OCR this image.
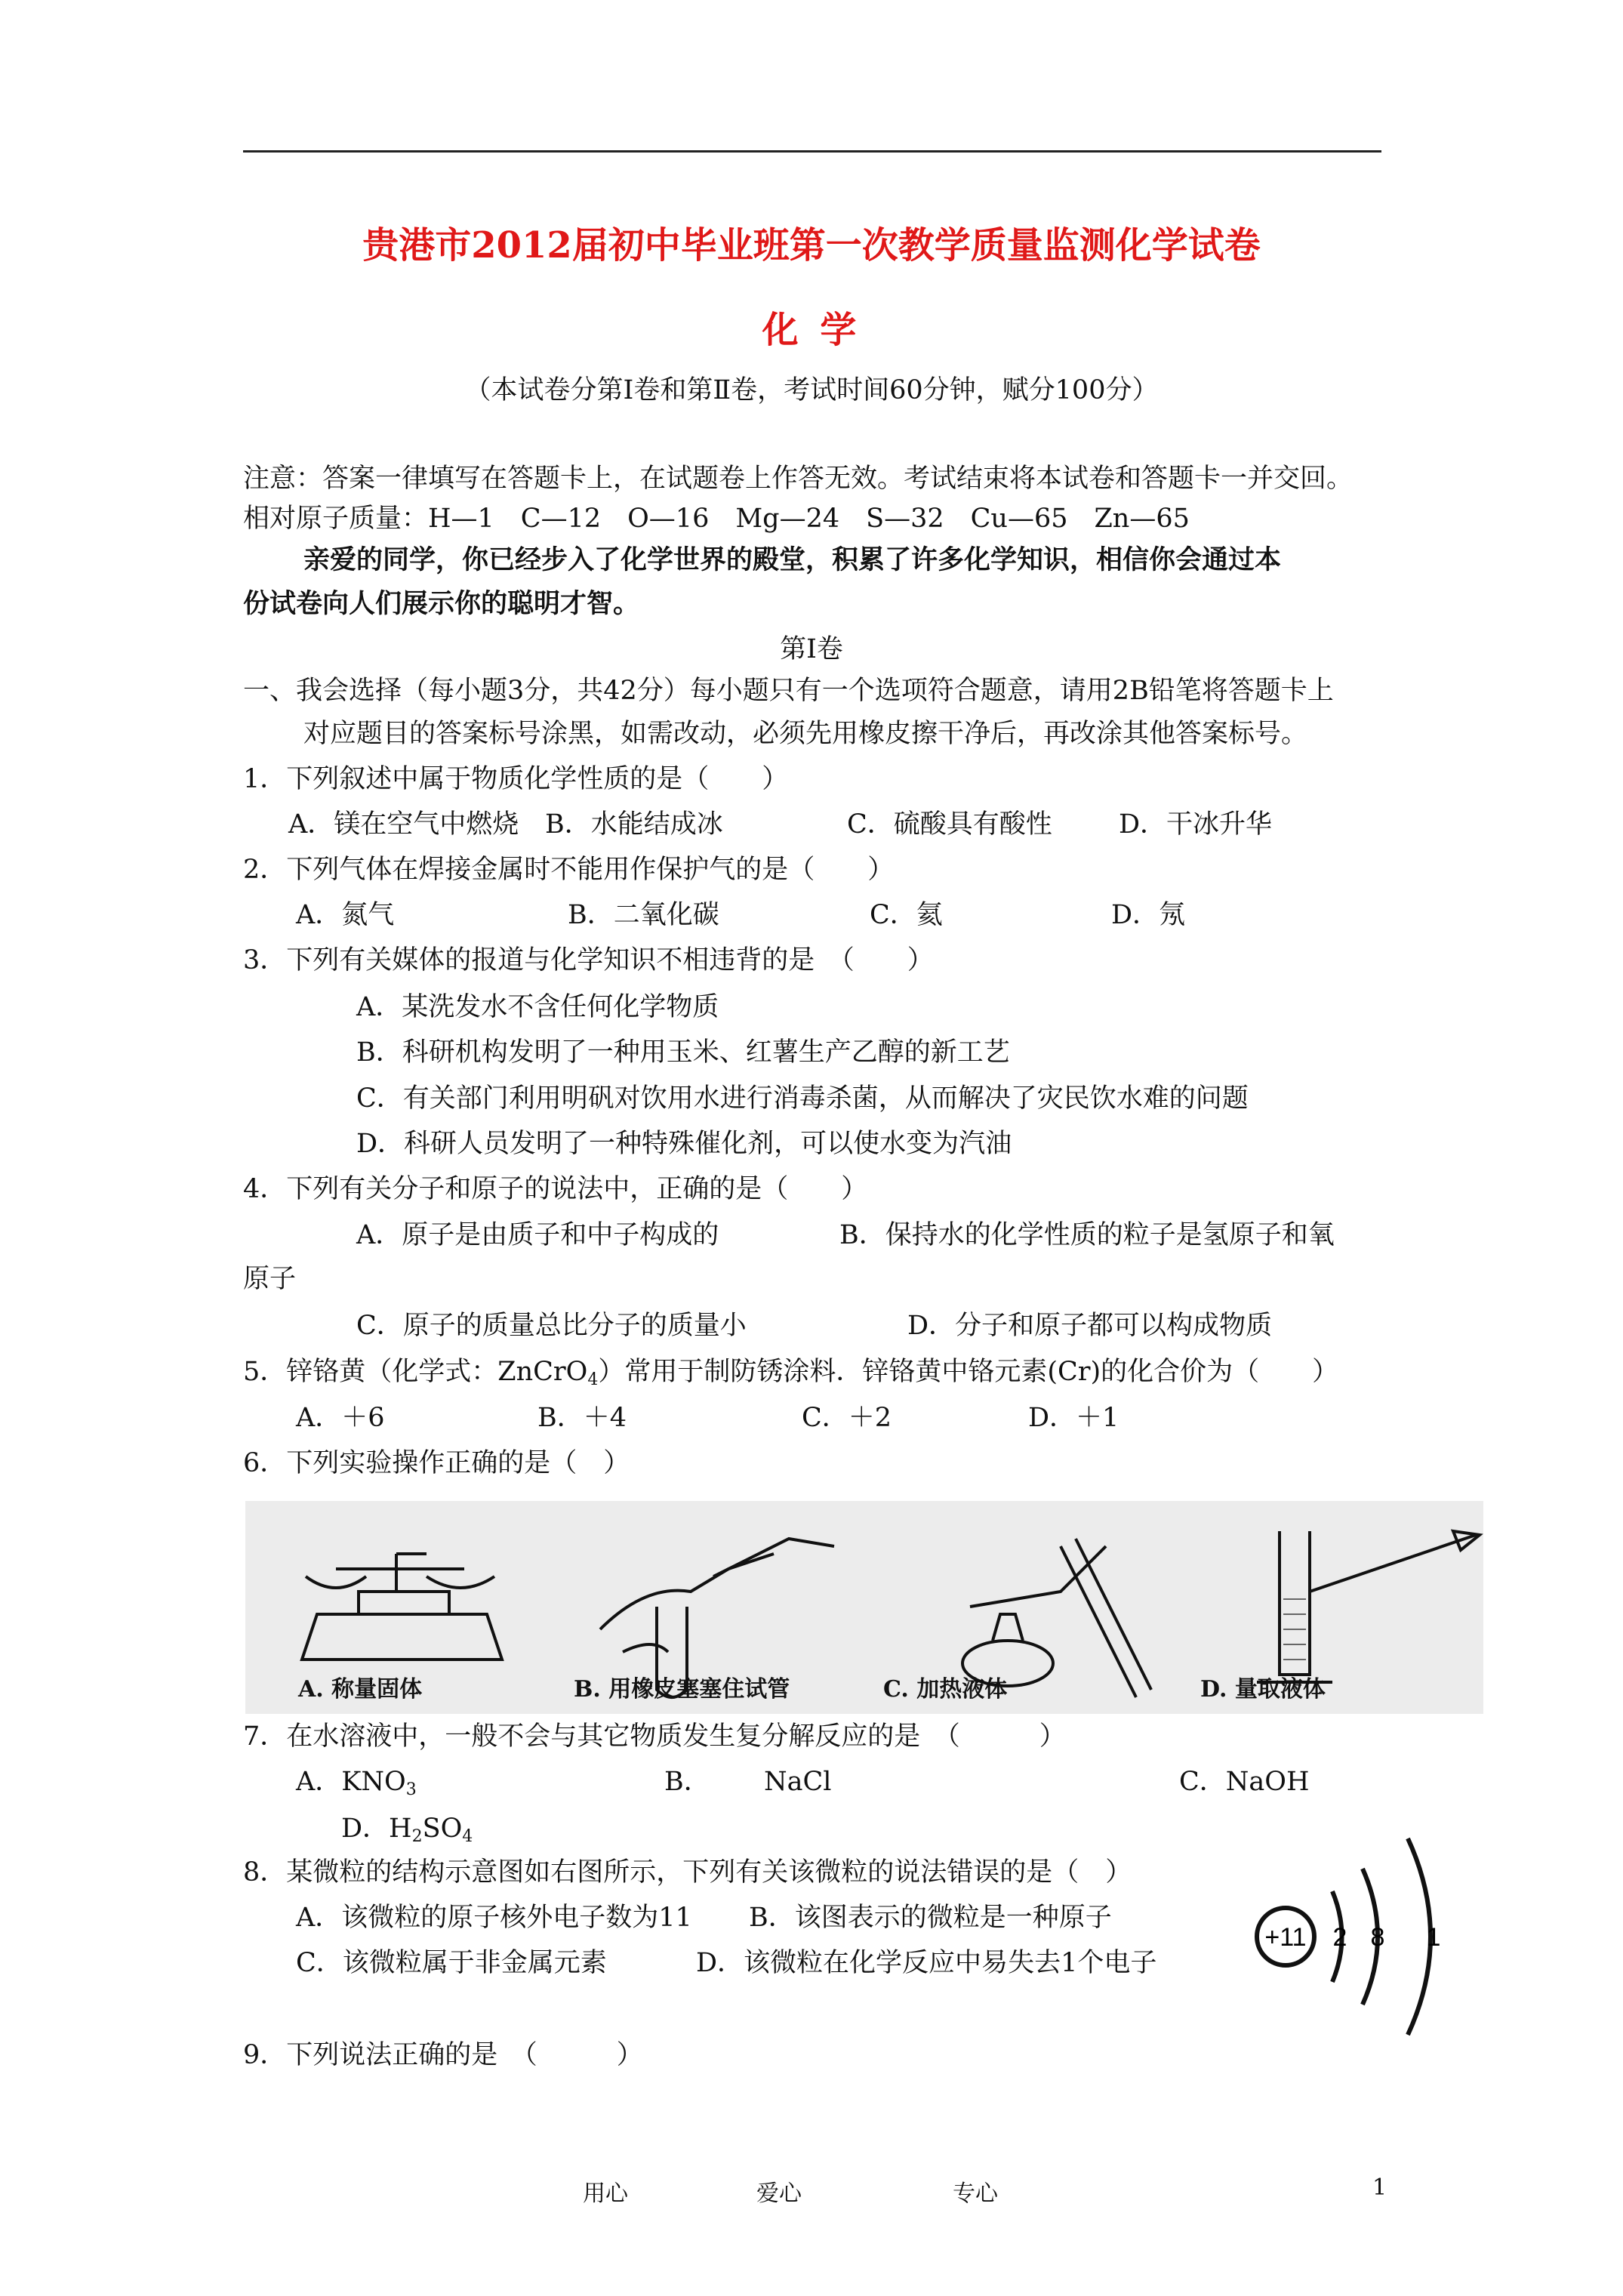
贵港市2012届初中毕业班第一次教学质量监测化学试卷
化 学
（本试卷分第Ⅰ卷和第Ⅱ卷，考试时间60分钟，赋分100分）
注意：答案一律填写在答题卡上，在试题卷上作答无效。考试结束将本试卷和答题卡一并交回。
相对原子质量：H—1　C—12　O—16　Mg—24　S—32　Cu—65　Zn—65
亲爱的同学，你已经步入了化学世界的殿堂，积累了许多化学知识，相信你会通过本
份试卷向人们展示你的聪明才智。
第Ⅰ卷
一、我会选择（每小题3分，共42分）每小题只有一个选项符合题意，请用2B铅笔将答题卡上
对应题目的答案标号涂黑，如需改动，必须先用橡皮擦干净后，再改涂其他答案标号。
1．下列叙述中属于物质化学性质的是（　　）
A．镁在空气中燃烧 B．水能结成冰	C．硫酸具有酸性	D．干冰升华
2．下列气体在焊接金属时不能用作保护气的是（　　）
A．氮气	B．二氧化碳	C．氦	D．氖
3．下列有关媒体的报道与化学知识不相违背的是　（　　）
A．某洗发水不含任何化学物质
B．科研机构发明了一种用玉米、红薯生产乙醇的新工艺
C．有关部门利用明矾对饮用水进行消毒杀菌，从而解决了灾民饮水难的问题
D．科研人员发明了一种特殊催化剂，可以使水变为汽油
4．下列有关分子和原子的说法中，正确的是（　　）
A．原子是由质子和中子构成的	B．保持水的化学性质的粒子是氢原子和氧
原子
C．原子的质量总比分子的质量小	D．分子和原子都可以构成物质
5．锌铬黄（化学式：ZnCrO$_4$）常用于制防锈涂料．锌铬黄中铬元素(Cr)的化合价为（　　）
A．＋6	B．＋4	C．＋2	D．＋1
6．下列实验操作正确的是（　）
A. 称量固体	B. 用橡皮塞塞住试管	C. 加热液体	D. 量取液体
7．在水溶液中，一般不会与其它物质发生复分解反应的是　（　　　）
A．$KNO_3$	B． NaCl	C．NaOH
D．$H_2SO_4$
8．某微粒的结构示意图如右图所示，下列有关该微粒的说法错误的是（　）
A．该微粒的原子核外电子数为11 B．该图表示的微粒是一种原子
C．该微粒属于非金属元素	D．该微粒在化学反应中易失去1个电子
+11 2 8 1
9．下列说法正确的是　（　　　）
用心	爱心	专心	1
